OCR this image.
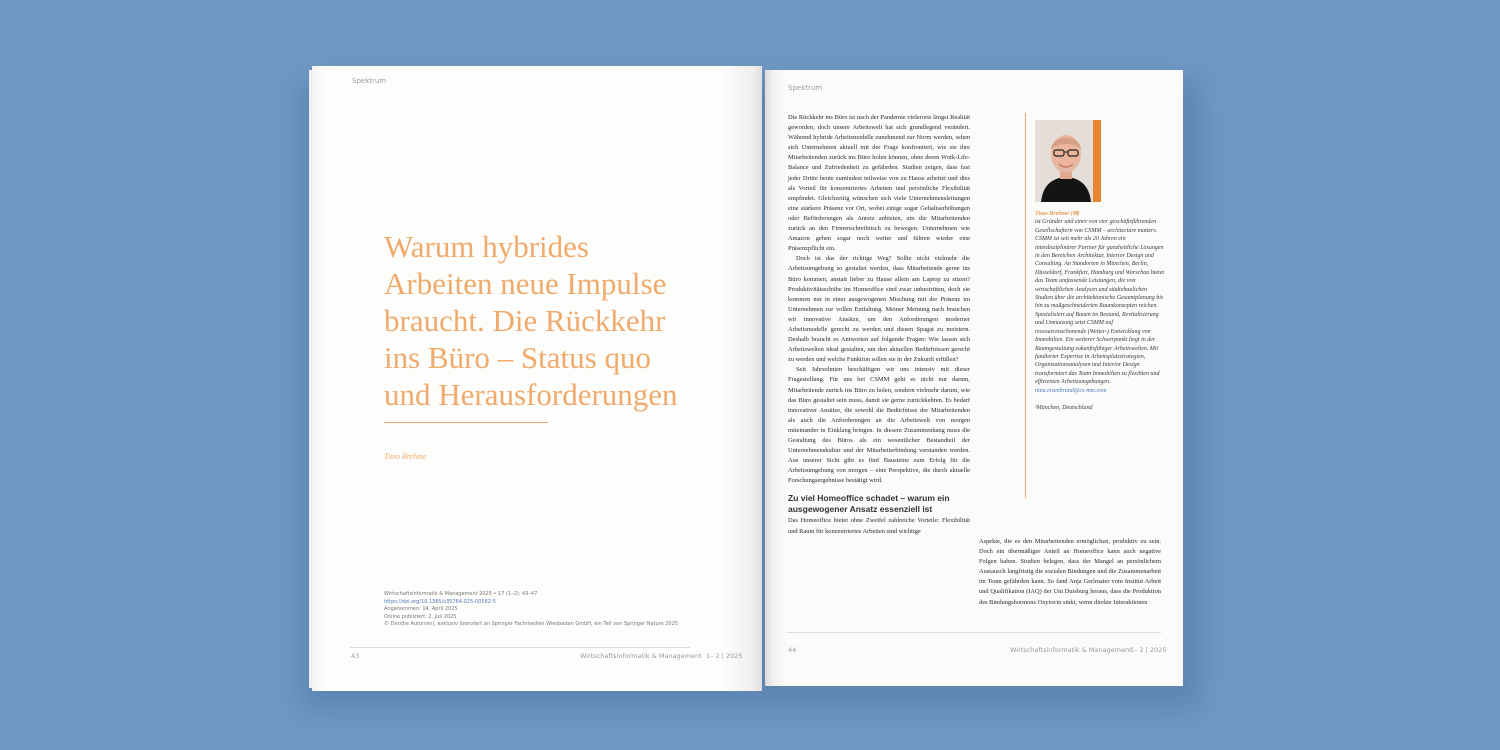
Spektrum
Warum hybrides
Arbeiten neue Impulse
braucht. Die Rückkehr
ins Büro – Status quo
und Herausforderungen
Timo Brehme
Wirtschaftsinformatik & Management 2025 • 17 (1–2): 43–47
https://doi.org/10.1365/s35764-025-00562-5
Angenommen: 14. April 2025
Online publiziert: 2. Juli 2025
© Der/die Autor(en), exklusiv lizenziert an Springer Fachmedien Wiesbaden GmbH, ein Teil von Springer Nature 2025
43	Wirtschaftsinformatik & Management 1– 2 | 2025
Spektrum

Die Rückkehr ins Büro ist nach der Pandemie vielerorts längst Realität geworden, doch unsere Arbeitswelt hat sich grundlegend verändert. Während hybride Arbeitsmodelle zunehmend zur Norm werden, sehen sich Unternehmen aktuell mit der Frage konfrontiert, wie sie ihre Mitarbeitenden zurück ins Büro holen können, ohne deren Work-Life-Balance und Zufriedenheit zu gefährden. Studien zeigen, dass fast jeder Dritte heute zumindest teilweise von zu Hause arbeitet und dies als Vorteil für konzentriertes Arbeiten und persönliche Flexibilität empfindet. Gleichzeitig wünschen sich viele Unternehmensleitungen eine stärkere Präsenz vor Ort, wobei einige sogar Gehaltserhöhungen oder Beförderungen als Anreiz anbieten, um die Mitarbeitenden zurück an den Firmenschreibtisch zu bewegen. Unternehmen wie Amazon gehen sogar noch weiter und führen wieder eine Präsenzpflicht ein.

Doch ist das der richtige Weg? Sollte nicht vielmehr die Arbeitsumgebung so gestaltet werden, dass Mitarbeitende gerne ins Büro kommen, anstatt lieber zu Hause allein am Laptop zu sitzen? Produktivitätsschübe im Homeoffice sind zwar unbestritten, doch sie kommen nur in einer ausgewogenen Mischung mit der Präsenz im Unternehmen zur vollen Entfaltung. Meiner Meinung nach brauchen wir innovative Ansätze, um den Anforderungen moderner Arbeitsmodelle gerecht zu werden und diesen Spagat zu meistern. Deshalb braucht es Antworten auf folgende Fragen: Wie lassen sich Arbeitswelten ideal gestalten, um den aktuellen Bedürfnissen gerecht zu werden und welche Funktion sollen sie in der Zukunft erfüllen?

Seit Jahrzehnten beschäftigen wir uns intensiv mit dieser Fragestellung. Für uns bei CSMM geht es nicht nur darum, Mitarbeitende zurück ins Büro zu holen, sondern vielmehr darum, wie das Büro gestaltet sein muss, damit sie gerne zurückkehren. Es bedarf innovativer Ansätze, die sowohl die Bedürfnisse der Mitarbeitenden als auch die Anforderungen an die Arbeitswelt von morgen miteinander in Einklang bringen. In diesem Zusammenhang muss die Gestaltung des Büros als ein wesentlicher Bestandteil der Unternehmenskultur und der Mitarbeiterbindung verstanden werden. Aus unserer Sicht gibt es fünf Bausteine zum Erfolg für die Arbeitsumgebung von morgen – eine Perspektive, die durch aktuelle Forschungsergebnisse bestätigt wird.

Zu viel Homeoffice schadet – warum ein ausgewogener Ansatz essenziell ist

Das Homeoffice bietet ohne Zweifel zahlreiche Vorteile: Flexibilität und Raum für konzentriertes Arbeiten sind wichtige

Timo Brehme (✉)
ist Gründer und einer von vier geschäftsführenden Gesellschaftern von CSMM – architecture matters. CSMM ist seit mehr als 20 Jahren ein interdisziplinärer Partner für ganzheitliche Lösungen in den Bereichen Architektur, Interior Design und Consulting. An Standorten in München, Berlin, Düsseldorf, Frankfurt, Hamburg und Warschau bietet das Team umfassende Leistungen, die von wirtschaftlichen Analysen und städtebaulichen Studien über die architektonische Gesamtplanung bis hin zu maßgeschneiderten Raumkonzepten reichen. Spezialisiert auf Bauen im Bestand, Revitalisierung und Umnutzung setzt CSMM auf ressourcenschonende (Weiter-) Entwicklung von Immobilien. Ein weiterer Schwerpunkt liegt in der Raumgestaltung zukunftsfähiger Arbeitswelten. Mit fundierter Expertise in Arbeitsplatzstrategien, Organisationsanalysen und Interior Design transformiert das Team Immobilien zu flexiblen und effizienten Arbeitsumgebungen.
nina.eisenbrand@cs-mm.com
¹München, Deutschland

Aspekte, die es den Mitarbeitenden ermöglichen, produktiv zu sein. Doch ein übermäßiger Anteil an Homeoffice kann auch negative Folgen haben. Studien belegen, dass der Mangel an persönlichem Austausch langfristig die sozialen Bindungen und die Zusammenarbeit im Team gefährden kann. So fand Anja Gerlmaier vom Institut Arbeit und Qualifikation (IAQ) der Uni Duisburg heraus, dass die Produktion des Bindungshormons Oxytocin sinkt, wenn direkte Interaktionen

44	Wirtschaftsinformatik & Management
1– 2 | 2025
